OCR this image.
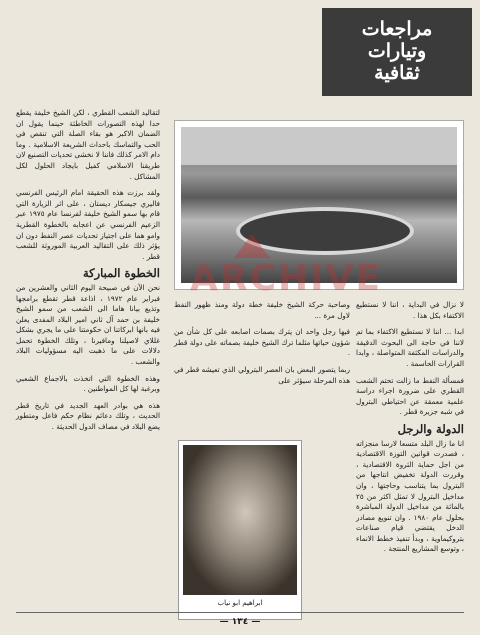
مراجعات
وتيارات
ثقافية

لتقاليد الشعب القطري ، لكن الشيخ خليفة يقطع حدا لهذه التصورات الخاطئة حينما يقول ان الضمان الاكبر هو بقاء الصلة التي تنقص في الحب والتماسك باحداث الشريعة الاسلامية . وما دام الامر كذلك فاننا لا نخشى تحديات التصنيع لان طريقنا الاسلامي كفيل بايجاد الحلول لكل المشاكل .

ولقد برزت هذه الحقيقة امام الرئيس الفرنسي فاليري جيسكار ديستان ، على اثر الزيارة التي قام بها سمو الشيخ خليفة لفرنسا عام ١٩٧٥ عبر الزعيم الفرنسي عن اعجابه بالخطوة القطرية وامو هما على اجتياز تحديات عصر النفط دون ان يؤثر ذلك على التقاليد العربية الموروثة للشعب قطر .

الخطوة المباركة

نحن الآن في صبيحة اليوم الثاني والعشرين من فبراير عام ١٩٧٢ ، اذاعة قطر تقطع برامجها وتذيع بيانا هاما الى الشعب من سمو الشيخ خليفة بن حمد آل ثاني امير البلاد المفدى يعلن فيه بانها ابركاتنا ان حكومتنا على ما يجري بشكل غللاي لاصيلنا ومافيرنا ، وتلك الخطوة تحمل دلالات على ما ذهبت اليه مسؤوليات البلاد والشعب .

وهذه الخطوة التي اتخذت بالاجماع الشعبي وبرغبة لها كل المواطنين .

هذه هي بوادر العهد الجديد في تاريخ قطر الحديث ، وتلك دعائم نظام حكم فاعل ومتطور يضع البلاد في مصاف الدول الحديثة .

ARCHIVE

وصاحبة حركة الشيخ خليفة خطة دولة ومنذ ظهور النفط لاول مرة ...

فيها رجل واحد ان يترك بصمات اصابعه على كل شأن من شؤون حياتها مثلما ترك الشيخ خليفة بصماته على دولة قطر .

ربما يتصور البعض بان العصر البترولي الذي تعيشه قطر في هذه المرحلة سيؤثر على

لا نزال في البداية ، اننا لا نستطيع الاكتفاء بكل هذا .

ابدا ... اننا لا نستطيع الاكتفاء بما تم لاننا في حاجة الى البحوث الدقيقة والدراسات المكثفة المتواصلة ، وابدا القرارات الحاسمة .

فمسألة النفط ما زالت تحتم الشعب القطري على ضرورة اجراء دراسة علمية معمقة عن احتياطي البترول في شبه جزيرة قطر .

الدولة والرجل

انا ما زال البلد متسعا لارسا منجزاته ، فصدرت قوانين التوزة الاقتصادية من اجل حماية الثروة الاقتصادية ، وقررت الدولة تخفيض انتاجها من البترول بما يتناسب وحاجتها ، وان مداخيل البترول لا تمثل اكثر من ٢٥ بالمائة من مداخيل الدولة المباشرة بحلول عام ١٩٨٠ . وان تنويع مصادر الدخل يقتضي قيام صناعات بتروكيماوية ، وبدأ تنفيذ خطط الانماء ، وتوسع المشاريع المنتجة .

ابراهيم ابو نياب
— ١٣٤ —
